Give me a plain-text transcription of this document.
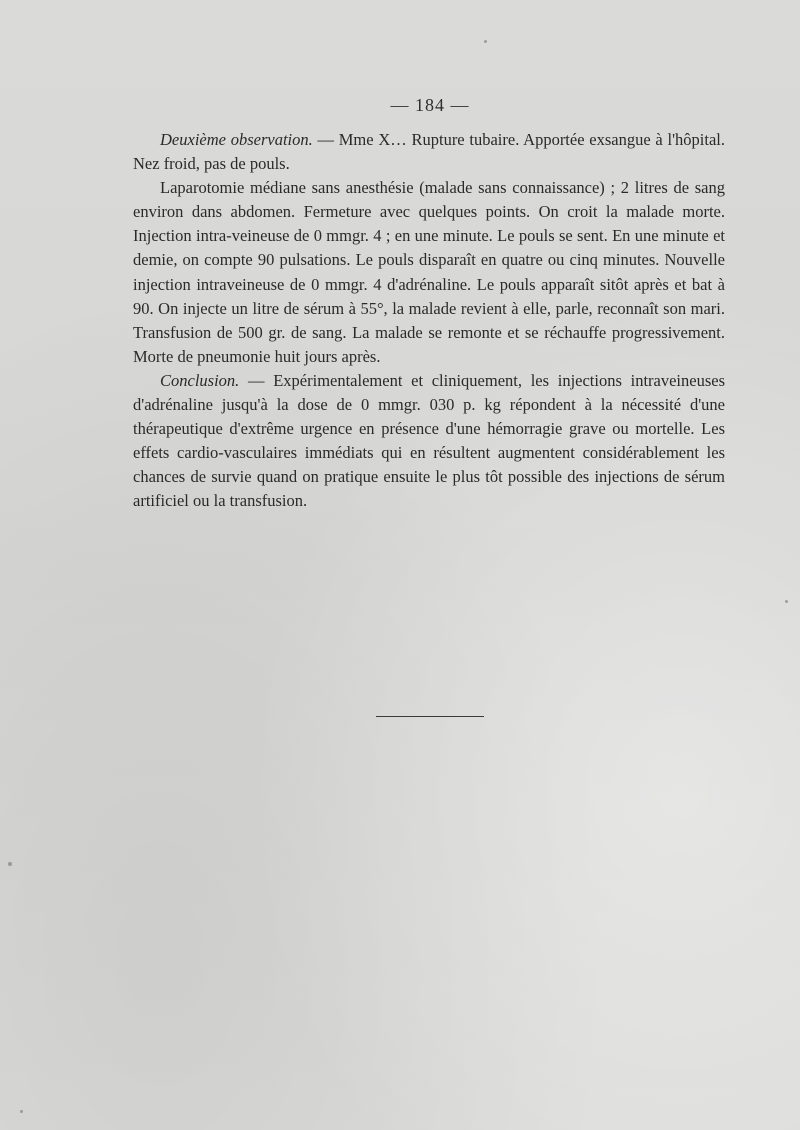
— 184 —

Deuxième observation. — Mme X… Rupture tubaire. Apportée exsangue à l'hôpital. Nez froid, pas de pouls.

Laparotomie médiane sans anesthésie (malade sans connaissance) ; 2 litres de sang environ dans abdomen. Fermeture avec quelques points. On croit la malade morte. Injection intra-veineuse de 0 mmgr. 4 ; en une minute. Le pouls se sent. En une minute et demie, on compte 90 pulsations. Le pouls disparaît en quatre ou cinq minutes. Nouvelle injection intraveineuse de 0 mmgr. 4 d'adrénaline. Le pouls apparaît sitôt après et bat à 90. On injecte un litre de sérum à 55°, la malade revient à elle, parle, reconnaît son mari. Transfusion de 500 gr. de sang. La malade se remonte et se réchauffe progressivement. Morte de pneumonie huit jours après.

Conclusion. — Expérimentalement et cliniquement, les injections intraveineuses d'adrénaline jusqu'à la dose de 0 mmgr. 030 p. kg répondent à la nécessité d'une thérapeutique d'extrême urgence en présence d'une hémorragie grave ou mortelle. Les effets cardio-vasculaires immédiats qui en résultent augmentent considérablement les chances de survie quand on pratique ensuite le plus tôt possible des injections de sérum artificiel ou la transfusion.
